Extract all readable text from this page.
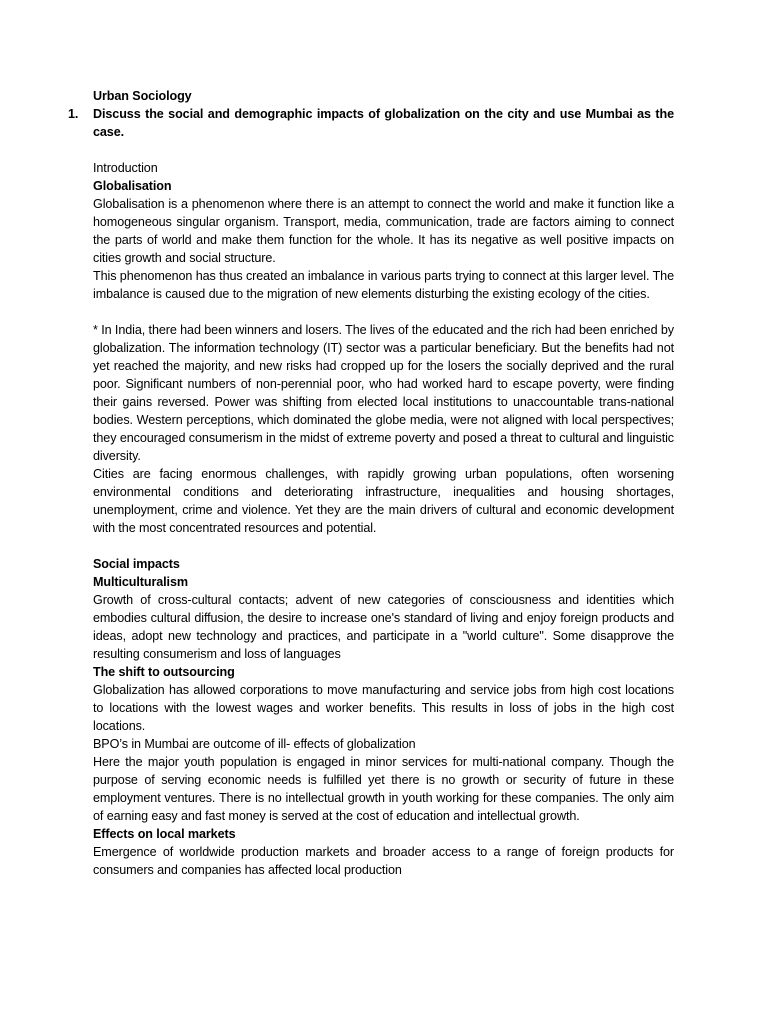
Urban Sociology

1. Discuss the social and demographic impacts of globalization on the city and use Mumbai as the case.

Introduction

Globalisation

Globalisation is a phenomenon where there is an attempt to connect the world and make it function like a homogeneous singular organism. Transport, media, communication, trade are factors aiming to connect the parts of world and make them function for the whole. It has its negative as well positive impacts on cities growth and social structure.

This phenomenon has thus created an imbalance in various parts trying to connect at this larger level. The imbalance is caused due to the migration of new elements disturbing the existing ecology of the cities.

* In India, there had been winners and losers. The lives of the educated and the rich had been enriched by globalization. The information technology (IT) sector was a particular beneficiary. But the benefits had not yet reached the majority, and new risks had cropped up for the losers the socially deprived and the rural poor. Significant numbers of non-perennial poor, who had worked hard to escape poverty, were finding their gains reversed. Power was shifting from elected local institutions to unaccountable trans-national bodies. Western perceptions, which dominated the globe media, were not aligned with local perspectives; they encouraged consumerism in the midst of extreme poverty and posed a threat to cultural and linguistic diversity.

Cities are facing enormous challenges, with rapidly growing urban populations, often worsening environmental conditions and deteriorating infrastructure, inequalities and housing shortages, unemployment, crime and violence. Yet they are the main drivers of cultural and economic development with the most concentrated resources and potential.

Social impacts

Multiculturalism

Growth of cross-cultural contacts; advent of new categories of consciousness and identities which embodies cultural diffusion, the desire to increase one's standard of living and enjoy foreign products and ideas, adopt new technology and practices, and participate in a "world culture". Some disapprove the resulting consumerism and loss of languages

The shift to outsourcing

Globalization has allowed corporations to move manufacturing and service jobs from high cost locations to locations with the lowest wages and worker benefits. This results in loss of jobs in the high cost locations.

BPO’s in Mumbai are outcome of ill- effects of globalization

Here the major youth population is engaged in minor services for multi-national company. Though the purpose of serving economic needs is fulfilled yet there is no growth or security of future in these employment ventures. There is no intellectual growth in youth working for these companies. The only aim of earning easy and fast money is served at the cost of education and intellectual growth.

Effects on local markets

Emergence of worldwide production markets and broader access to a range of foreign products for consumers and companies has affected local production
